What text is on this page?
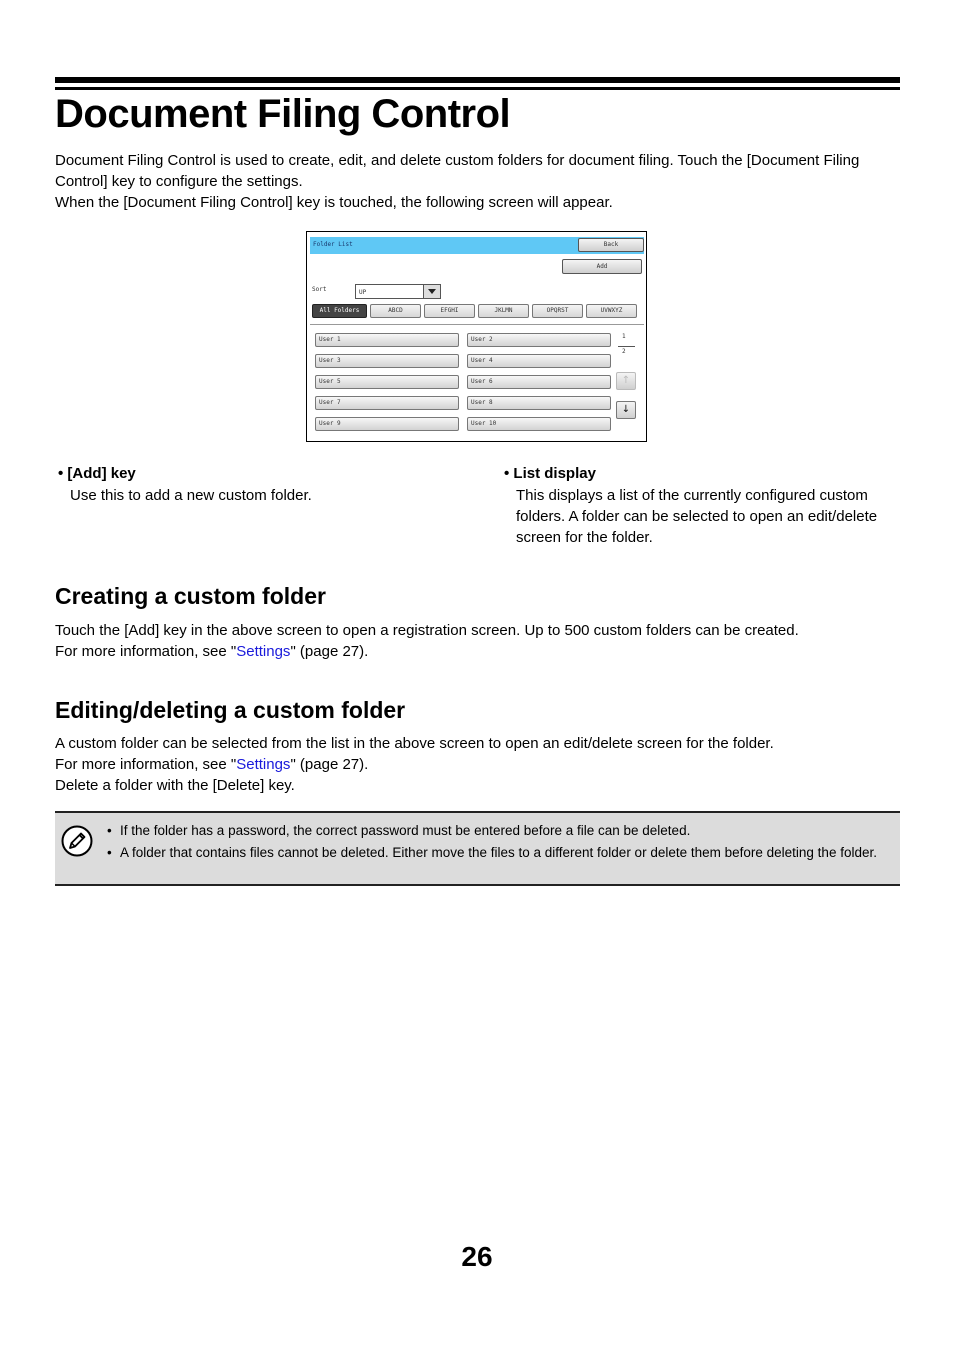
Document Filing Control

Document Filing Control is used to create, edit, and delete custom folders for document filing. Touch the [Document Filing Control] key to configure the settings.

When the [Document Filing Control] key is touched, the following screen will appear.

Folder List	Back
Add
Sort	UP
All Folders	ABCD	EFGHI	JKLMN	OPQRST	UVWXYZ
User 1	User 2
User 3	User 4
User 5	User 6
User 7	User 8
User 9	User 10
1
2
↑
↓
• [Add] key
Use this to add a new custom folder.
• List display
This displays a list of the currently configured custom folders. A folder can be selected to open an edit/delete screen for the folder.
Creating a custom folder

Touch the [Add] key in the above screen to open a registration screen. Up to 500 custom folders can be created.

For more information, see "Settings" (page 27).

Editing/deleting a custom folder

A custom folder can be selected from the list in the above screen to open an edit/delete screen for the folder.

For more information, see "Settings" (page 27).

Delete a folder with the [Delete] key.

• If the folder has a password, the correct password must be entered before a file can be deleted.
• A folder that contains files cannot be deleted. Either move the files to a different folder or delete them before deleting the folder.
26
